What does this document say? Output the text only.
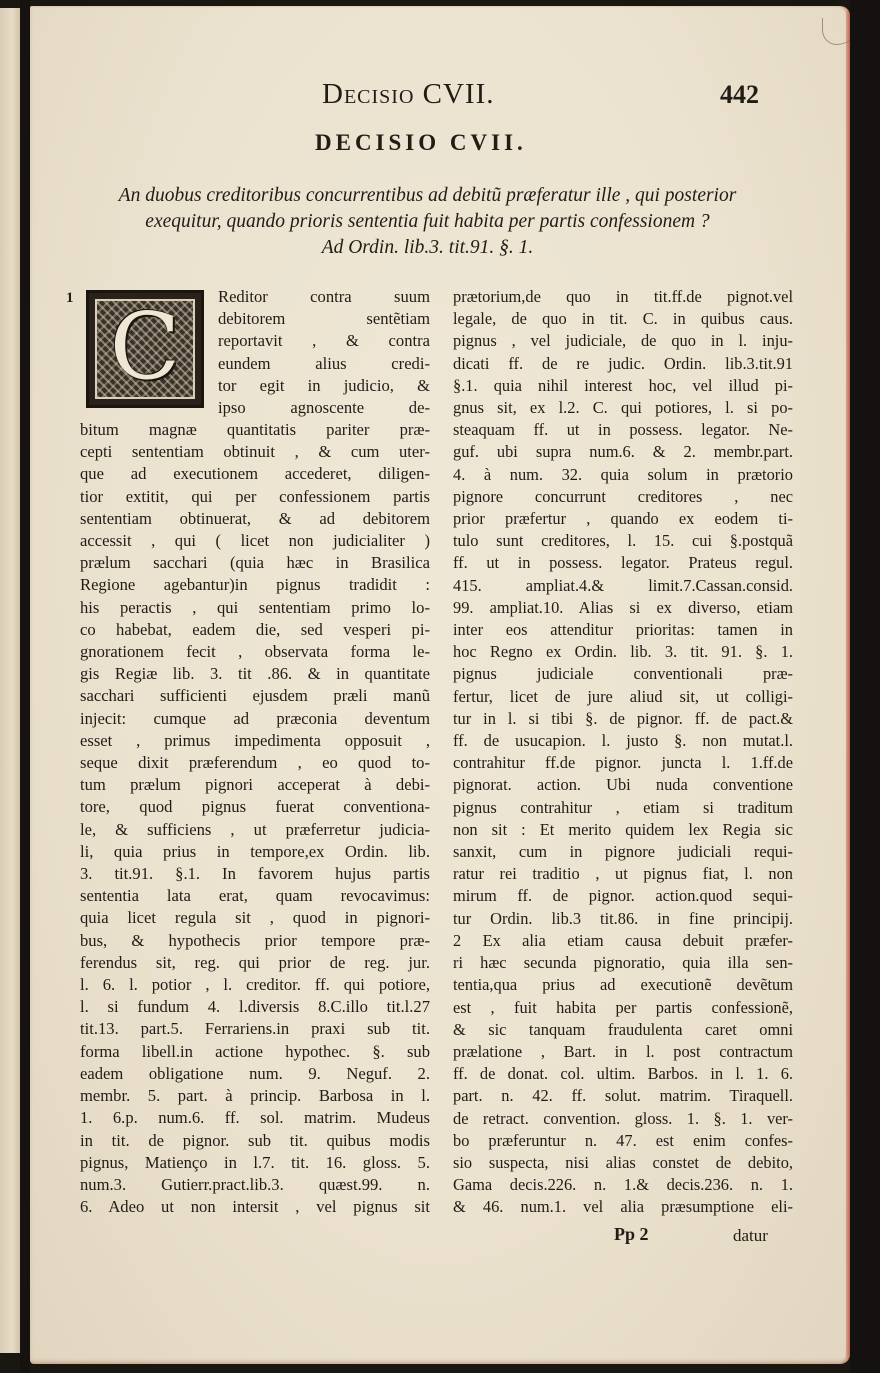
Decisio CVII.	442
DECISIO CVII.
An duobus creditoribus concurrentibus ad debitũ præferatur ille , qui posterior
exequitur, quando prioris sententia fuit habita per partis confessionem ?
Ad Ordin. lib.3. tit.91. §. 1.
1 C	Reditor contra suum
debitorem sentẽtiam
reportavit , & contra
eundem alius credi-
tor egit in judicio, &
ipso agnoscente de-
bitum magnæ quantitatis pariter præ-
cepti sententiam obtinuit , & cum uter-
que ad executionem accederet, diligen-
tior extitit, qui per confessionem partis
sententiam obtinuerat, & ad debitorem
accessit , qui ( licet non judicialiter )
prælum sacchari (quia hæc in Brasilica
Regione agebantur)in pignus tradidit :
his peractis , qui sententiam primo lo-
co habebat, eadem die, sed vesperi pi-
gnorationem fecit , observata forma le-
gis Regiæ lib. 3. tit .86. & in quantitate
sacchari sufficienti ejusdem præli manũ
injecit: cumque ad præconia deventum
esset , primus impedimenta opposuit ,
seque dixit præferendum , eo quod to-
tum prælum pignori acceperat à debi-
tore, quod pignus fuerat conventiona-
le, & sufficiens , ut præferretur judicia-
li, quia prius in tempore,ex Ordin. lib.
3. tit.91. §.1. In favorem hujus partis
sententia lata erat, quam revocavimus:
quia licet regula sit , quod in pignori-
bus, & hypothecis prior tempore præ-
ferendus sit, reg. qui prior de reg. jur.
l. 6. l. potior , l. creditor. ff. qui potiore,
l. si fundum 4. l.diversis 8.C.illo tit.l.27
tit.13. part.5. Ferrariens.in praxi sub tit.
forma libell.in actione hypothec. §. sub
eadem obligatione num. 9. Neguf. 2.
membr. 5. part. à princip. Barbosa in l.
1. 6.p. num.6. ff. sol. matrim. Mudeus
in tit. de pignor. sub tit. quibus modis
pignus, Matienço in l.7. tit. 16. gloss. 5.
num.3. Gutierr.pract.lib.3. quæst.99. n.
6. Adeo ut non intersit , vel pignus sit
prætorium,de quo in tit.ff.de pignot.vel
legale, de quo in tit. C. in quibus caus.
pignus , vel judiciale, de quo in l. inju-
dicati ff. de re judic. Ordin. lib.3.tit.91
§.1. quia nihil interest hoc, vel illud pi-
gnus sit, ex l.2. C. qui potiores, l. si po-
steaquam ff. ut in possess. legator. Ne-
guf. ubi supra num.6. & 2. membr.part.
4. à num. 32. quia solum in prætorio
pignore concurrunt creditores , nec
prior præfertur , quando ex eodem ti-
tulo sunt creditores, l. 15. cui §.postquã
ff. ut in possess. legator. Prateus regul.
415. ampliat.4.& limit.7.Cassan.consid.
99. ampliat.10. Alias si ex diverso, etiam
inter eos attenditur prioritas: tamen in
hoc Regno ex Ordin. lib. 3. tit. 91. §. 1.
pignus judiciale conventionali præ-
fertur, licet de jure aliud sit, ut colligi-
tur in l. si tibi §. de pignor. ff. de pact.&
ff. de usucapion. l. justo §. non mutat.l.
contrahitur ff.de pignor. juncta l. 1.ff.de
pignorat. action. Ubi nuda conventione
pignus contrahitur , etiam si traditum
non sit : Et merito quidem lex Regia sic
sanxit, cum in pignore judiciali requi-
ratur rei traditio , ut pignus fiat, l. non
mirum ff. de pignor. action.quod sequi-
tur Ordin. lib.3 tit.86. in fine principij.
2 Ex alia etiam causa debuit præfer-
ri hæc secunda pignoratio, quia illa sen-
tentia,qua prius ad executionẽ devẽtum
est , fuit habita per partis confessionẽ,
& sic tanquam fraudulenta caret omni
prælatione , Bart. in l. post contractum
ff. de donat. col. ultim. Barbos. in l. 1. 6.
part. n. 42. ff. solut. matrim. Tiraquell.
de retract. convention. gloss. 1. §. 1. ver-
bo præferuntur n. 47. est enim confes-
sio suspecta, nisi alias constet de debito,
Gama decis.226. n. 1.& decis.236. n. 1.
& 46. num.1. vel alia præsumptione eli-
Pp 2	datur
